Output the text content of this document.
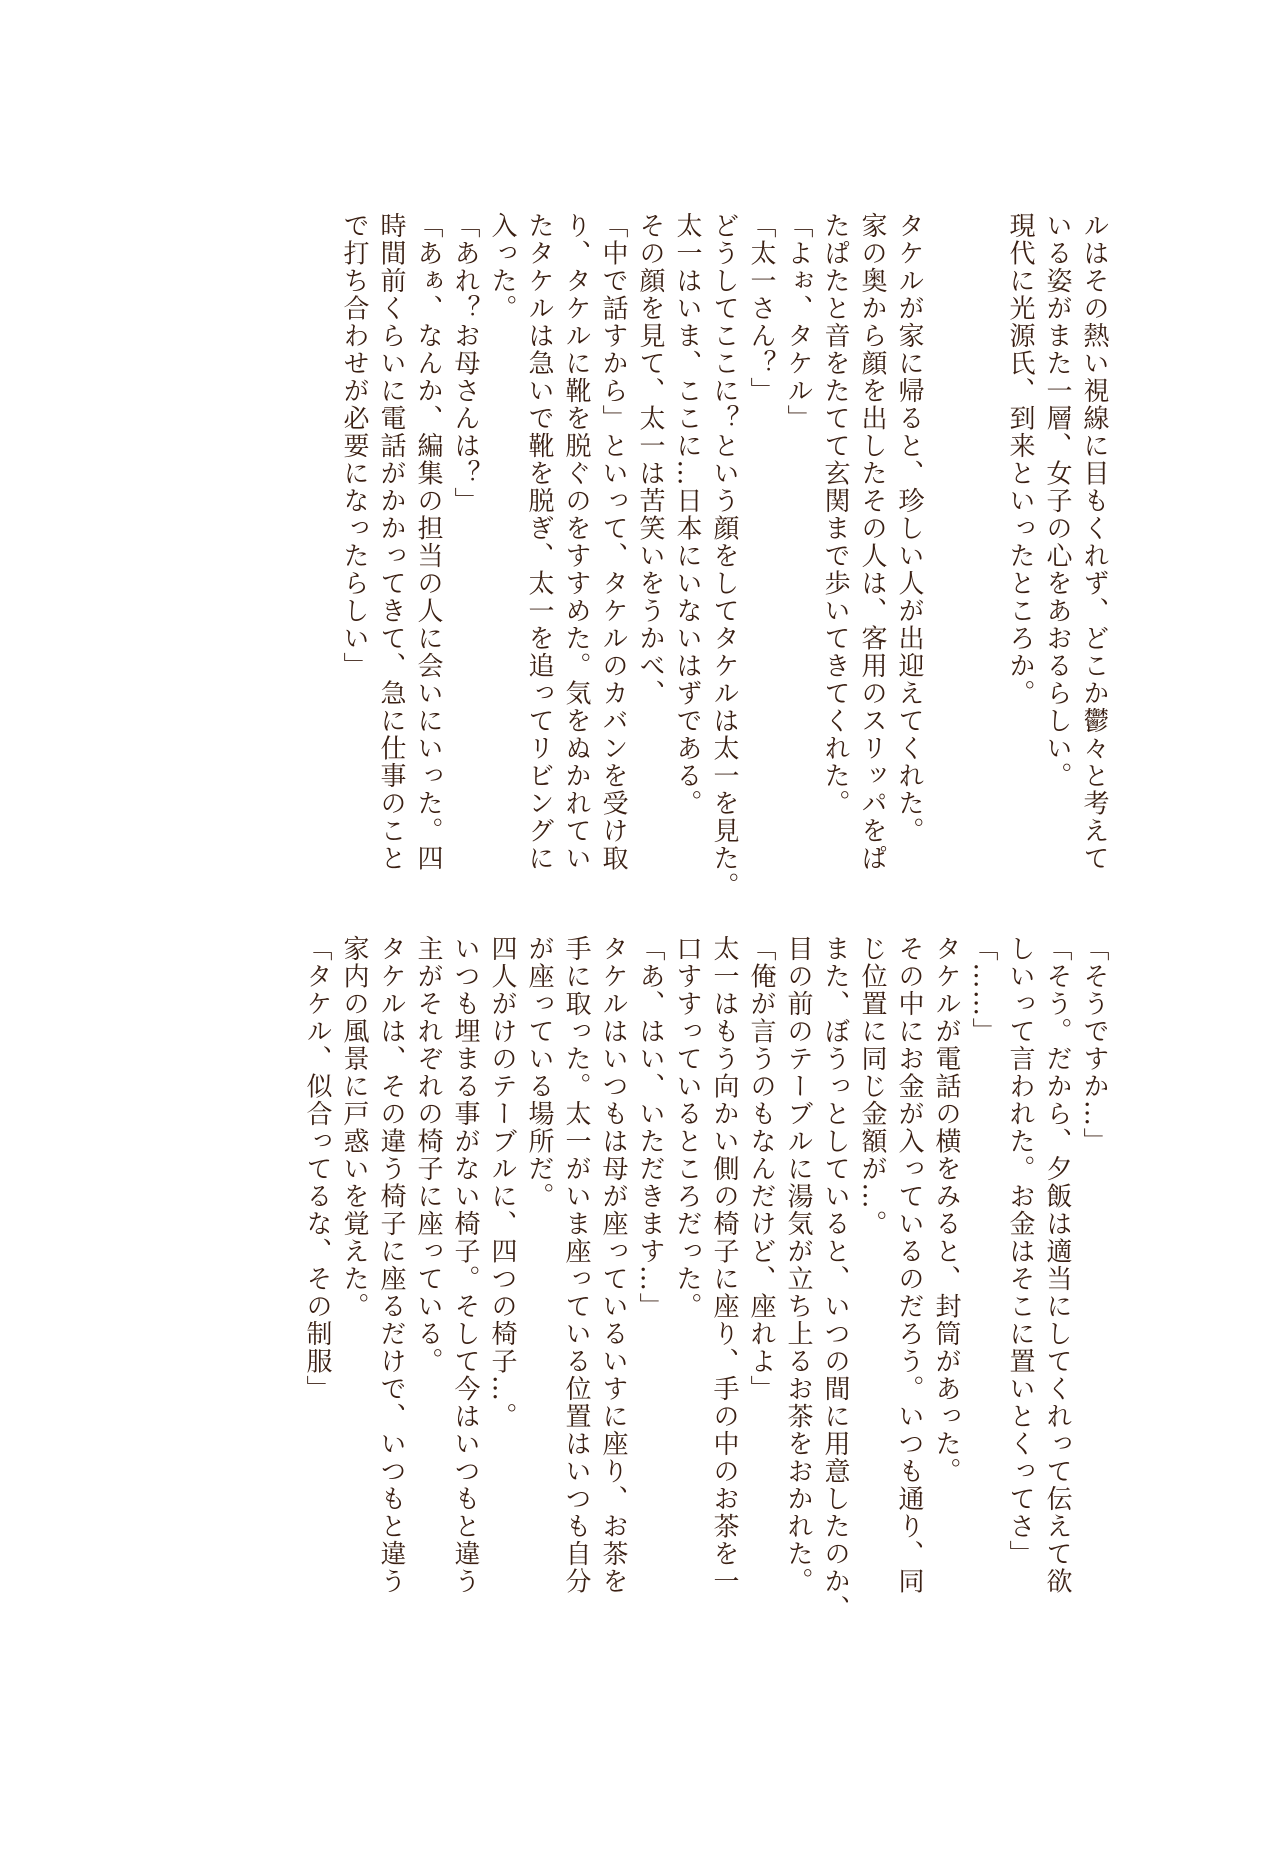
ルはその熱い視線に目もくれず、どこか鬱々と考えて
いる姿がまた一層、女子の心をあおるらしい。
現代に光源氏、到来といったところか。
タケルが家に帰ると、珍しい人が出迎えてくれた。
家の奥から顔を出したその人は、客用のスリッパをぱ
たぱたと音をたてて玄関まで歩いてきてくれた。
「よぉ、タケル」
「太一さん？」
どうしてここに？という顔をしてタケルは太一を見た。
太一はいま、ここに…日本にいないはずである。
その顔を見て、太一は苦笑いをうかべ、
「中で話すから」といって、タケルのカバンを受け取
り、タケルに靴を脱ぐのをすすめた。気をぬかれてい
たタケルは急いで靴を脱ぎ、太一を追ってリビングに
入った。
「あれ？お母さんは？」
「あぁ、なんか、編集の担当の人に会いにいった。四
時間前くらいに電話がかかってきて、急に仕事のこと
で打ち合わせが必要になったらしい」
「そうですか…」
「そう。だから、夕飯は適当にしてくれって伝えて欲
しいって言われた。お金はそこに置いとくってさ」
「……」
タケルが電話の横をみると、封筒があった。
その中にお金が入っているのだろう。いつも通り、同
じ位置に同じ金額が…。
また、ぼうっとしていると、いつの間に用意したのか、
目の前のテーブルに湯気が立ち上るお茶をおかれた。
「俺が言うのもなんだけど、座れよ」
太一はもう向かい側の椅子に座り、手の中のお茶を一
口すすっているところだった。
「あ、はい、いただきます…」
タケルはいつもは母が座っているいすに座り、お茶を
手に取った。太一がいま座っている位置はいつも自分
が座っている場所だ。
四人がけのテーブルに、四つの椅子…。
いつも埋まる事がない椅子。そして今はいつもと違う
主がそれぞれの椅子に座っている。
タケルは、その違う椅子に座るだけで、いつもと違う
家内の風景に戸惑いを覚えた。
「タケル、似合ってるな、その制服」
